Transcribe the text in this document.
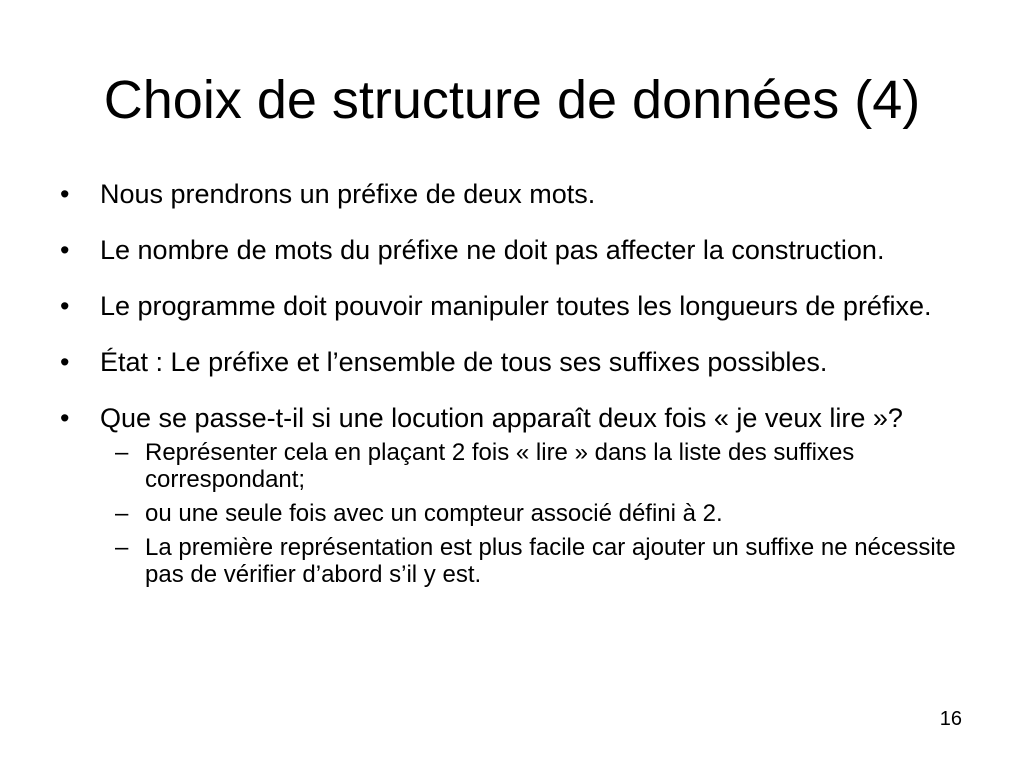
Choix de structure de données (4)
• Nous prendrons un préfixe de deux mots.
• Le nombre de mots du préfixe ne doit pas affecter la construction.
• Le programme doit pouvoir manipuler toutes les longueurs de préfixe.
• État : Le préfixe et l’ensemble de tous ses suffixes possibles.
• Que se passe-t-il si une locution apparaît deux fois « je veux lire »?
– Représenter cela en plaçant 2 fois « lire » dans la liste des suffixes correspondant;
– ou une seule fois avec un compteur associé défini à 2.
– La première représentation est plus facile car ajouter un suffixe ne nécessite pas de vérifier d’abord s’il y est.
16
